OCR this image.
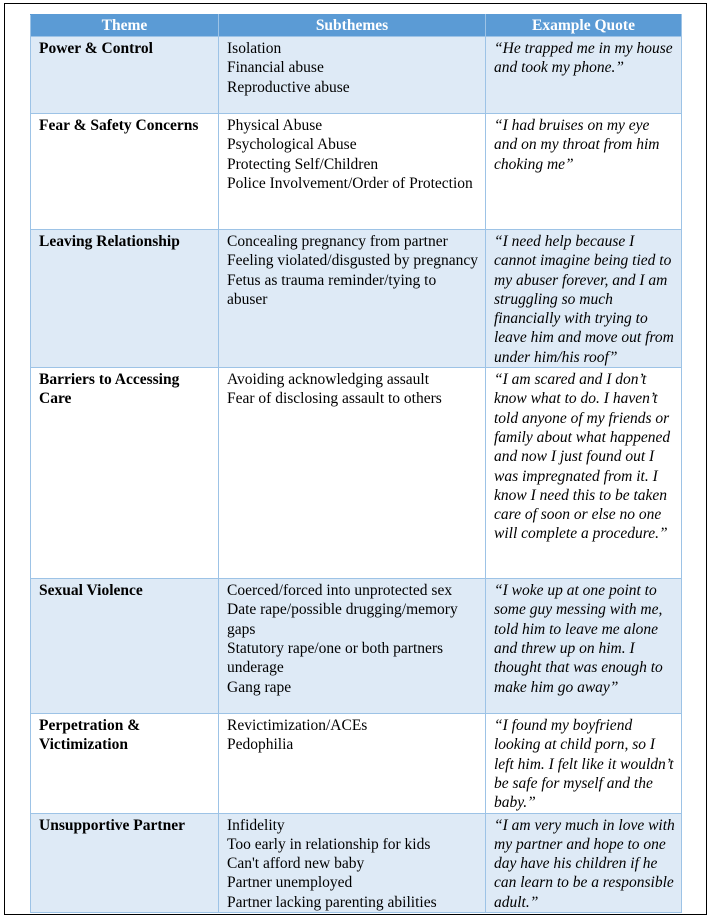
Theme	Subthemes	Example Quote
Power & Control	Isolation
Financial abuse
Reproductive abuse	“He trapped me in my house and took my phone.”
Fear & Safety Concerns	Physical Abuse
Psychological Abuse
Protecting Self/Children
Police Involvement/Order of Protection	“I had bruises on my eye and on my throat from him choking me”
Leaving Relationship	Concealing pregnancy from partner
Feeling violated/disgusted by pregnancy
Fetus as trauma reminder/tying to abuser	“I need help because I cannot imagine being tied to my abuser forever, and I am struggling so much financially with trying to leave him and move out from under him/his roof”
Barriers to Accessing Care	Avoiding acknowledging assault
Fear of disclosing assault to others	“I am scared and I don’t know what to do. I haven’t told anyone of my friends or family about what happened and now I just found out I was impregnated from it. I know I need this to be taken care of soon or else no one will complete a procedure.”
Sexual Violence	Coerced/forced into unprotected sex
Date rape/possible drugging/memory gaps
Statutory rape/one or both partners underage
Gang rape	“I woke up at one point to some guy messing with me, told him to leave me alone and threw up on him. I thought that was enough to make him go away”
Perpetration & Victimization	Revictimization/ACEs
Pedophilia	“I found my boyfriend looking at child porn, so I left him. I felt like it wouldn’t be safe for myself and the baby.”
Unsupportive Partner	Infidelity
Too early in relationship for kids
Can't afford new baby
Partner unemployed
Partner lacking parenting abilities	“I am very much in love with my partner and hope to one day have his children if he can learn to be a responsible adult.”
